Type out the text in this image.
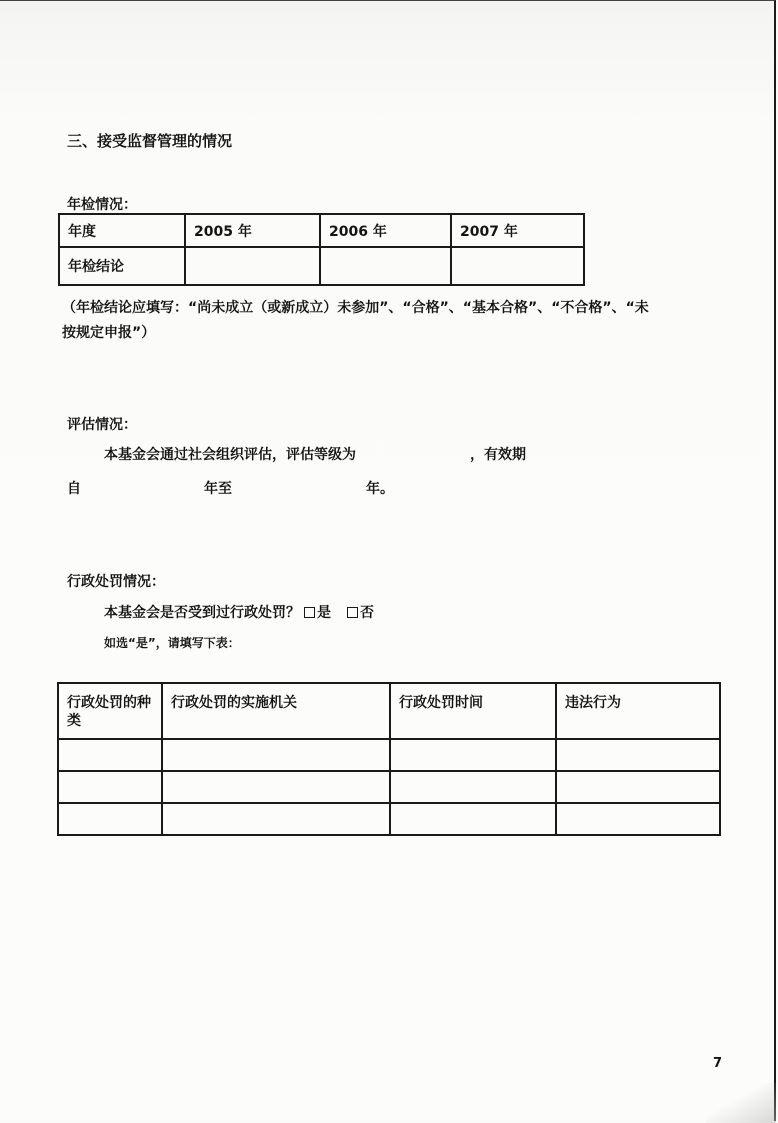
三、接受监督管理的情况
年检情况：
年度	2005 年	2006 年	2007 年
年检结论			
（年检结论应填写：“尚未成立（或新成立）未参加”、“合格”、“基本合格”、“不合格”、“未
按规定申报”）
评估情况：
本基金会通过社会组织评估，评估等级为	，有效期
自	年至	年。
行政处罚情况：
本基金会是否受到过行政处罚？ 是 否
如选“是”，请填写下表：
行政处罚的种类	行政处罚的实施机关	行政处罚时间	违法行为

7
